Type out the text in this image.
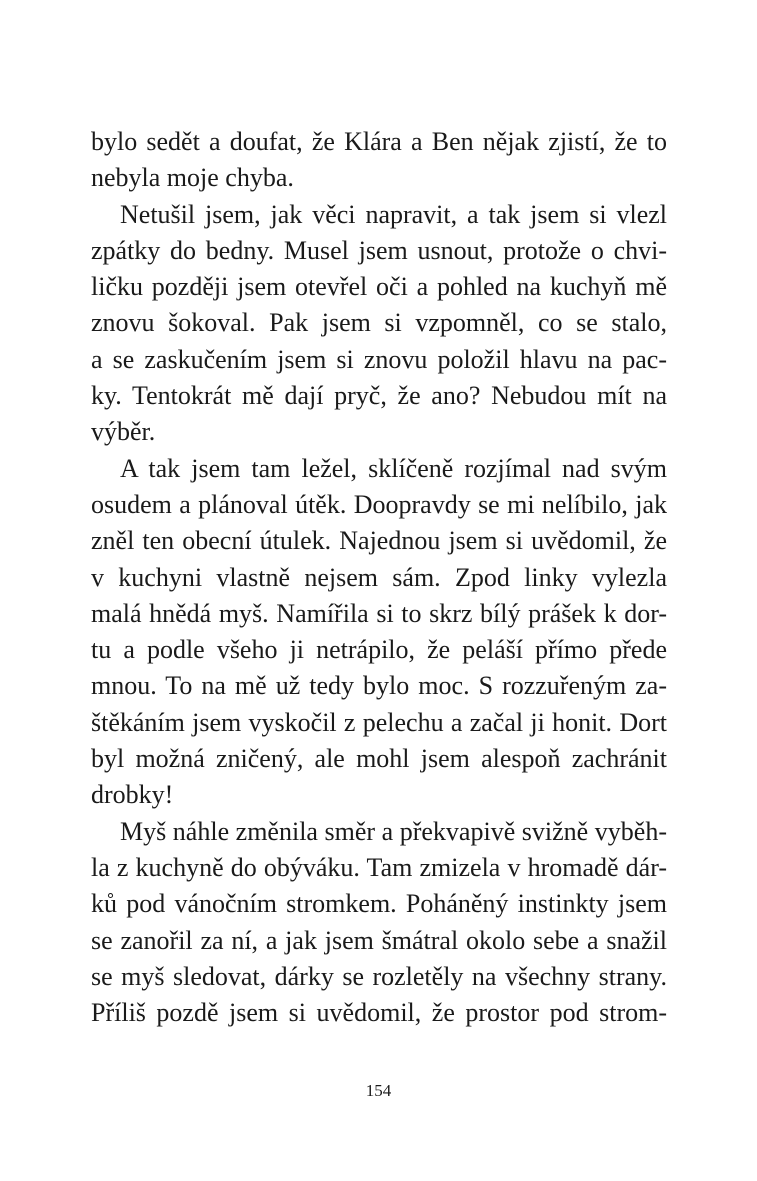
bylo sedět a doufat, že Klára a Ben nějak zjistí, že to
nebyla moje chyba.
Netušil jsem, jak věci napravit, a tak jsem si vlezl
zpátky do bedny. Musel jsem usnout, protože o chvi-
ličku později jsem otevřel oči a pohled na kuchyň mě
znovu šokoval. Pak jsem si vzpomněl, co se stalo,
a se zaskučením jsem si znovu položil hlavu na pac-
ky. Tentokrát mě dají pryč, že ano? Nebudou mít na
výběr.
A tak jsem tam ležel, sklíčeně rozjímal nad svým
osudem a plánoval útěk. Doopravdy se mi nelíbilo, jak
zněl ten obecní útulek. Najednou jsem si uvědomil, že
v kuchyni vlastně nejsem sám. Zpod linky vylezla
malá hnědá myš. Namířila si to skrz bílý prášek k dor-
tu a podle všeho ji netrápilo, že peláší přímo přede
mnou. To na mě už tedy bylo moc. S rozzuřeným za-
štěkáním jsem vyskočil z pelechu a začal ji honit. Dort
byl možná zničený, ale mohl jsem alespoň zachránit
drobky!
Myš náhle změnila směr a překvapivě svižně vyběh-
la z kuchyně do obýváku. Tam zmizela v hromadě dár-
ků pod vánočním stromkem. Poháněný instinkty jsem
se zanořil za ní, a jak jsem šmátral okolo sebe a snažil
se myš sledovat, dárky se rozletěly na všechny strany.
Příliš pozdě jsem si uvědomil, že prostor pod strom-
154
